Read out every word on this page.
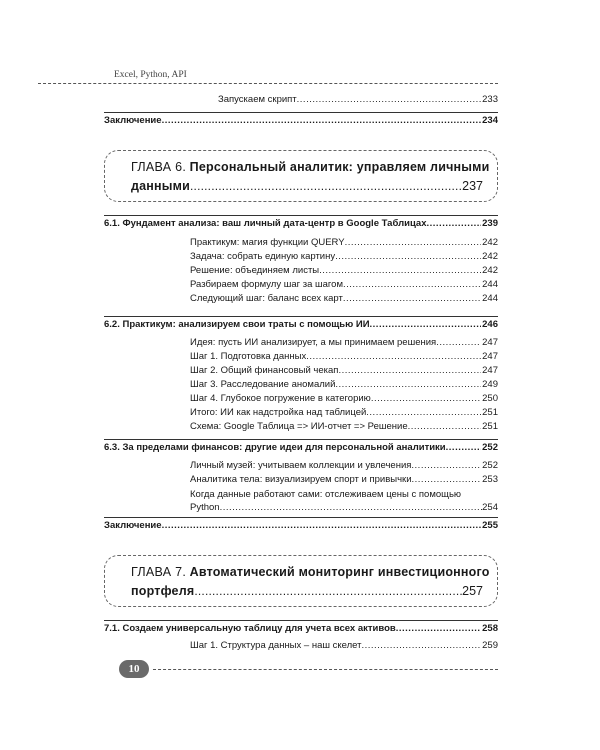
Excel, Python, API
Запускаем скрипт .....	233
Заключение .....	234
ГЛАВА 6. Персональный аналитик: управляем личными
данными .....	237
6.1. Фундамент анализа: ваш личный дата-центр в Google Таблицах .....	239
Практикум: магия функции QUERY .....	242
Задача: собрать единую картину .....	242
Решение: объединяем листы .....	242
Разбираем формулу шаг за шагом .....	244
Следующий шаг: баланс всех карт .....	244
6.2. Практикум: анализируем свои траты с помощью ИИ .....	246
Идея: пусть ИИ анализирует, а мы принимаем решения .....	247
Шаг 1. Подготовка данных .....	247
Шаг 2. Общий финансовый чекап .....	247
Шаг 3. Расследование аномалий .....	249
Шаг 4. Глубокое погружение в категорию .....	250
Итого: ИИ как надстройка над таблицей .....	251
Схема: Google Таблица => ИИ-отчет => Решение .....	251
6.3. За пределами финансов: другие идеи для персональной аналитики .....	252
Личный музей: учитываем коллекции и увлечения .....	252
Аналитика тела: визуализируем спорт и привычки .....	253
Когда данные работают сами: отслеживаем цены с помощью
Python .....	254
Заключение .....	255
ГЛАВА 7. Автоматический мониторинг инвестиционного
портфеля .....	257
7.1. Создаем универсальную таблицу для учета всех активов .....	258
Шаг 1. Структура данных – наш скелет .....	259
10
